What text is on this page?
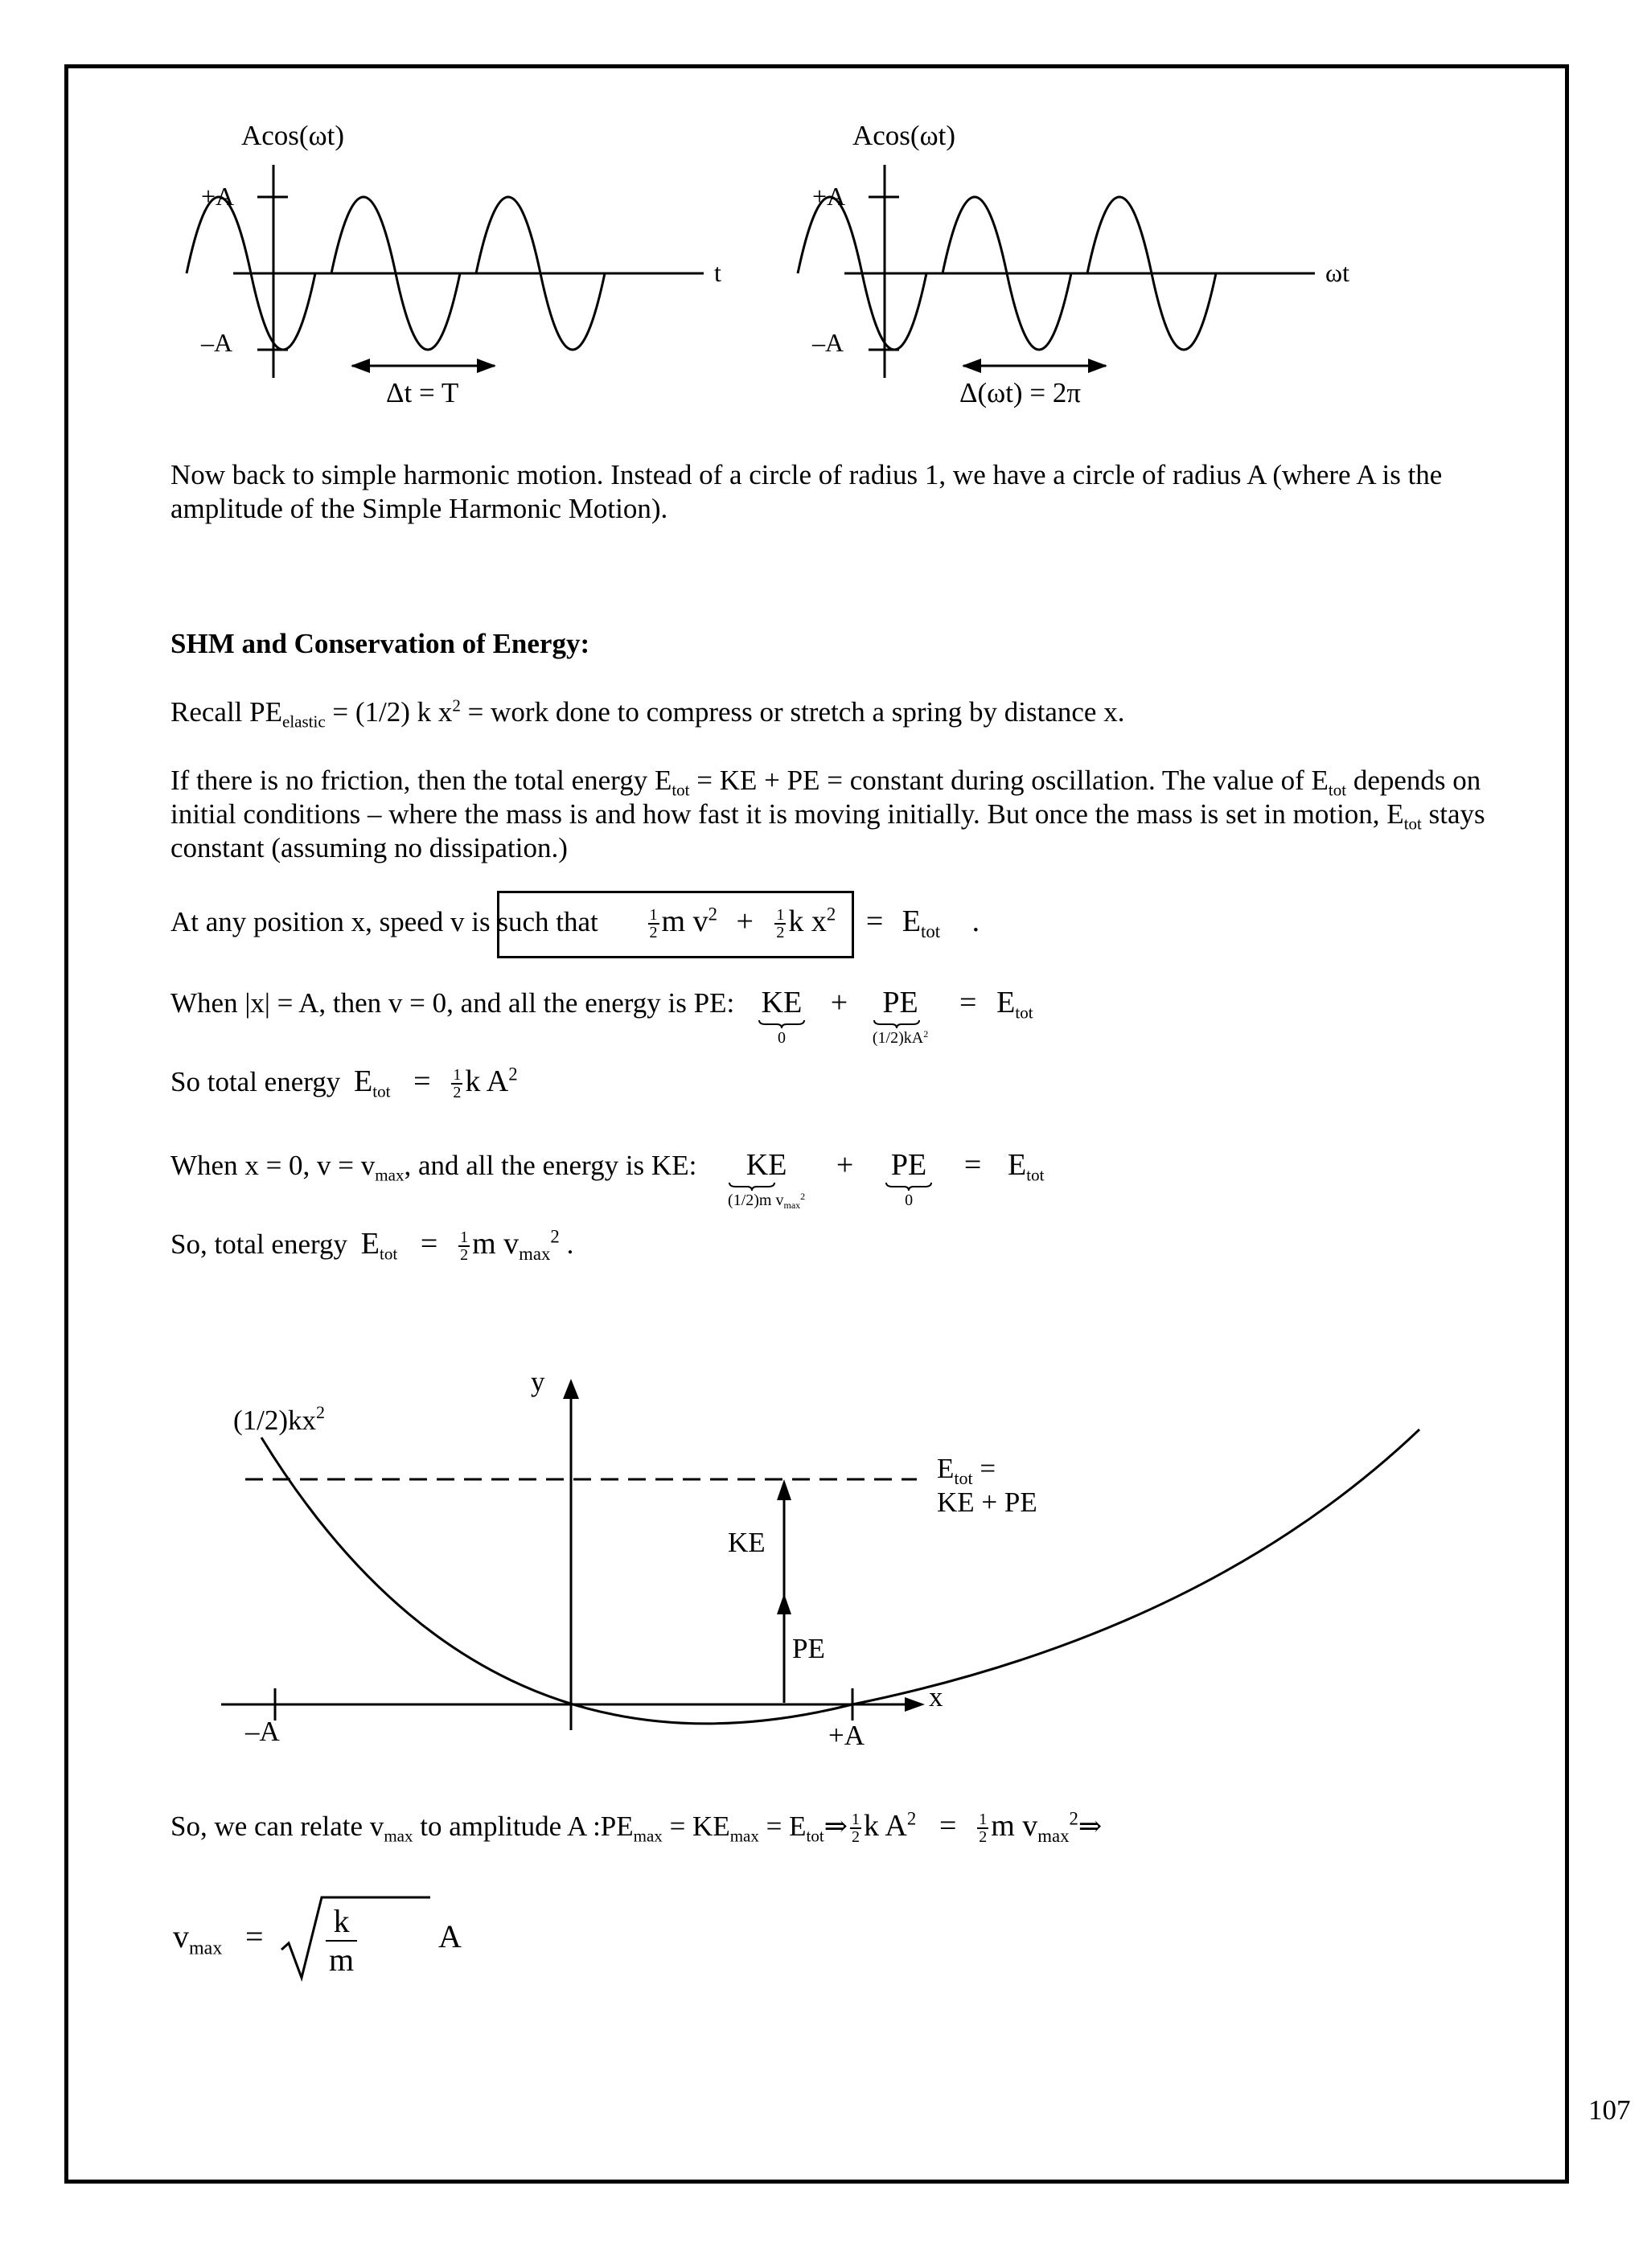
Acos(ωt)
+A
–A
t
Δt = T
Acos(ωt)
+A
–A
ωt
Δ(ωt) = 2π
Now back to simple harmonic motion. Instead of a circle of radius 1, we have a circle of radius A (where A is the amplitude of the Simple Harmonic Motion).
SHM and Conservation of Energy:
Recall $PE_{elastic} = (1/2)$ k $x^2$ = work done to compress or stretch a spring by distance x.
If there is no friction, then the total energy $E_{tot}$ = KE + PE = constant during oscillation. The value of $E_{tot}$ depends on initial conditions – where the mass is and how fast it is moving initially. But once the mass is set in motion, $E_{tot}$ stays constant (assuming no dissipation.)
At any position x, speed v is such that	$\frac{1}{2}$ m $v^2 + \frac{1}{2}$ k $x^2 = E_{tot}$ .
When |x| = A, then v = 0, and all the energy is PE: KE
0
+	PE
$(1/2)kA^2$
= $E_{tot}$
So total energy $E_{tot} = \frac{1}{2}$ k $A^2$
When x = 0, $v = v_{max}$, and all the energy is KE:	KE
(1/2)m $v_{max}^2$
+ PE
0
= $E_{tot}$
So, total energy $E_{tot} = \frac{1}{2}$ m $v_{max}^2$ .
y
$(1/2)kx^2$
$E_{tot}$ =
KE + PE
x
–A	+A
KE
PE
So, we can relate $v_{max}$ to amplitude A $:PE_{max} = KE_{max}$ = $E_{tot}\Rightarrow \frac{1}{2}$ k $A^2 = \frac{1}{2}$ m $v_{max}^2\Rightarrow$
$v_{max} = \frac{k}{m}$	A
107
